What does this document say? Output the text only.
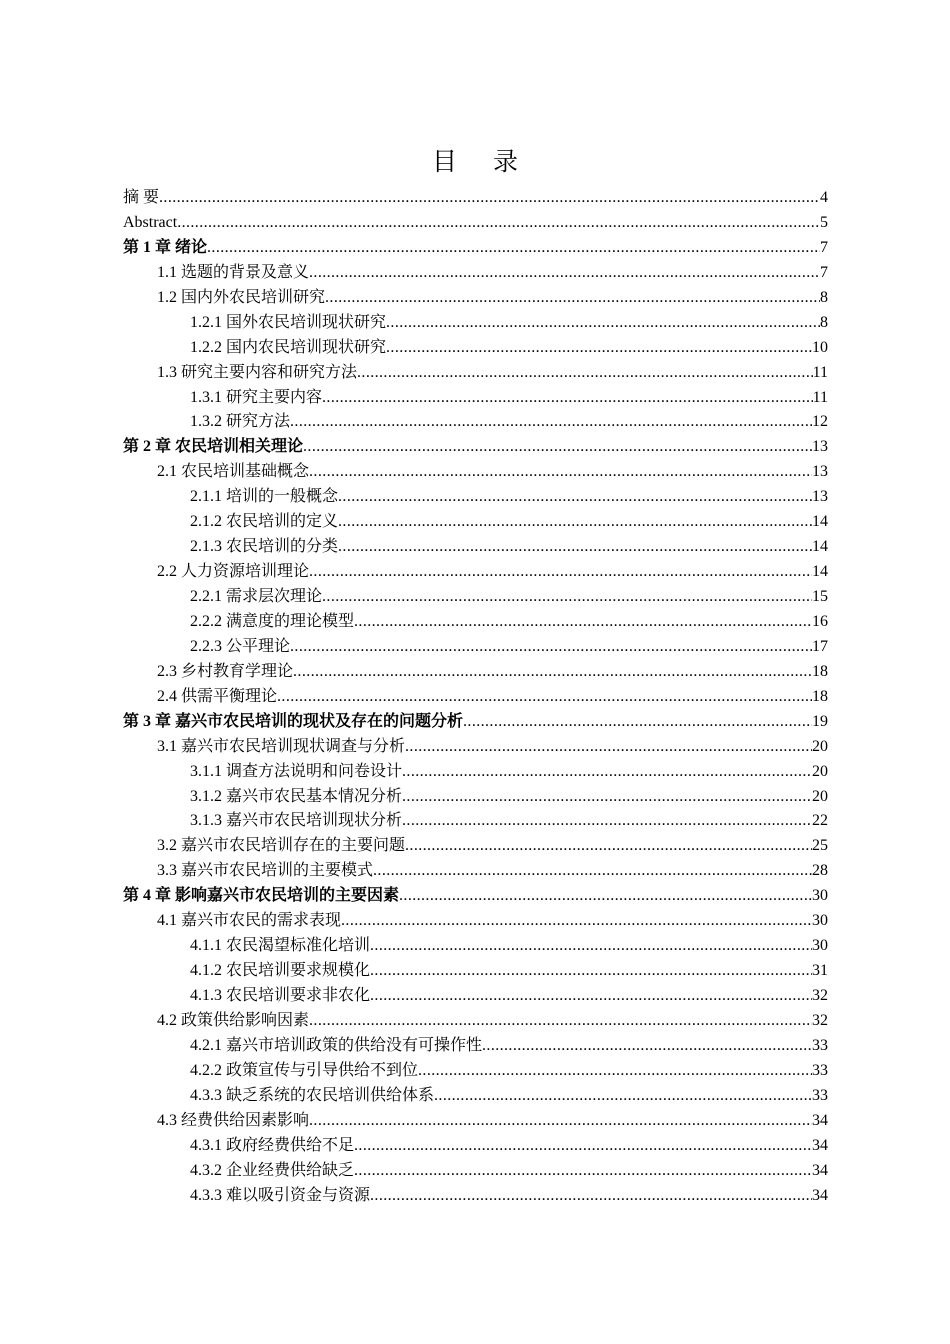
目 录
摘 要 .....	4
Abstract .....	5
第 1 章 绪论 .....	7
1.1 选题的背景及意义 .....	7
1.2 国内外农民培训研究 .....	8
1.2.1 国外农民培训现状研究 .....	8
1.2.2 国内农民培训现状研究 .....	10
1.3 研究主要内容和研究方法 .....	11
1.3.1 研究主要内容 .....	11
1.3.2 研究方法 .....	12
第 2 章 农民培训相关理论 .....	13
2.1 农民培训基础概念 .....	13
2.1.1 培训的一般概念 .....	13
2.1.2 农民培训的定义 .....	14
2.1.3 农民培训的分类 .....	14
2.2 人力资源培训理论 .....	14
2.2.1 需求层次理论 .....	15
2.2.2 满意度的理论模型 .....	16
2.2.3 公平理论 .....	17
2.3 乡村教育学理论 .....	18
2.4 供需平衡理论 .....	18
第 3 章 嘉兴市农民培训的现状及存在的问题分析 .....	19
3.1 嘉兴市农民培训现状调查与分析 .....	20
3.1.1 调查方法说明和问卷设计 .....	20
3.1.2 嘉兴市农民基本情况分析 .....	20
3.1.3 嘉兴市农民培训现状分析 .....	22
3.2 嘉兴市农民培训存在的主要问题 .....	25
3.3 嘉兴市农民培训的主要模式 .....	28
第 4 章 影响嘉兴市农民培训的主要因素 .....	30
4.1 嘉兴市农民的需求表现 .....	30
4.1.1 农民渴望标准化培训 .....	30
4.1.2 农民培训要求规模化 .....	31
4.1.3 农民培训要求非农化 .....	32
4.2 政策供给影响因素 .....	32
4.2.1 嘉兴市培训政策的供给没有可操作性 .....	33
4.2.2 政策宣传与引导供给不到位 .....	33
4.3.3 缺乏系统的农民培训供给体系 .....	33
4.3 经费供给因素影响 .....	34
4.3.1 政府经费供给不足 .....	34
4.3.2 企业经费供给缺乏 .....	34
4.3.3 难以吸引资金与资源 .....	34
